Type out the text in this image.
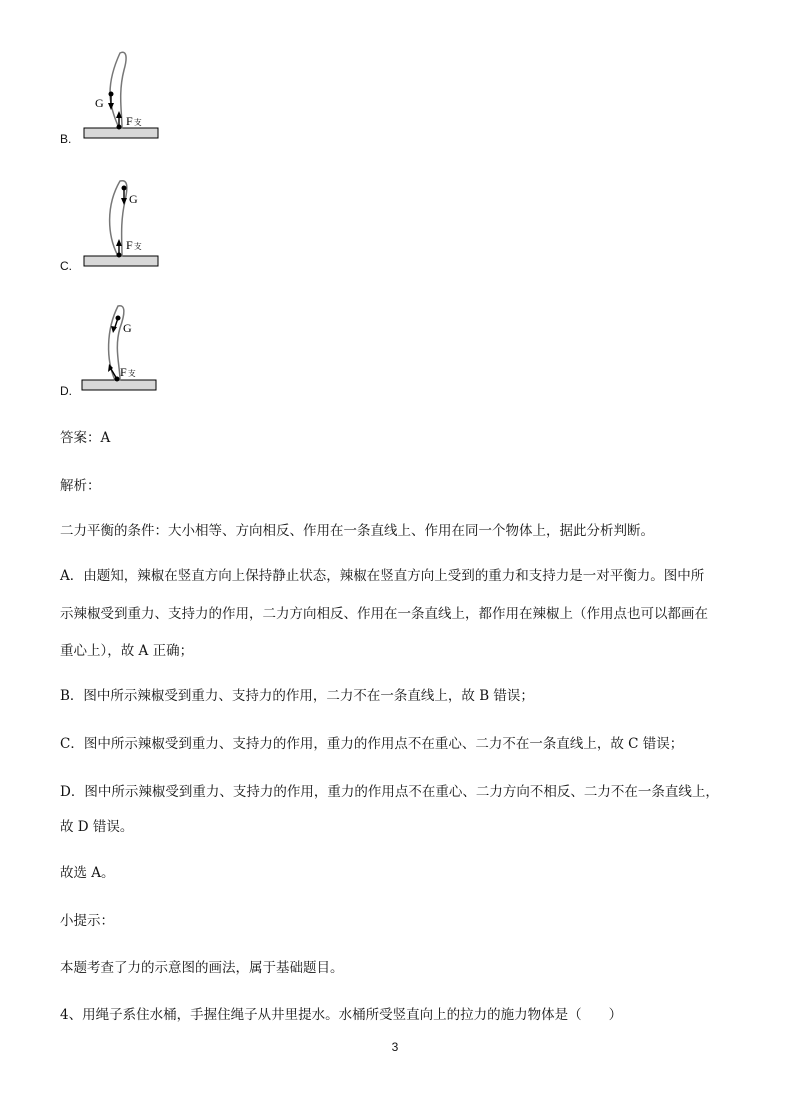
B.
G
F支
C.
G
F支
D.
G
F支
答案：A
解析：
二力平衡的条件：大小相等、方向相反、作用在一条直线上、作用在同一个物体上，据此分析判断。
A．由题知，辣椒在竖直方向上保持静止状态，辣椒在竖直方向上受到的重力和支持力是一对平衡力。图中所
示辣椒受到重力、支持力的作用，二力方向相反、作用在一条直线上，都作用在辣椒上（作用点也可以都画在
重心上），故 A 正确；
B．图中所示辣椒受到重力、支持力的作用，二力不在一条直线上，故 B 错误；
C．图中所示辣椒受到重力、支持力的作用，重力的作用点不在重心、二力不在一条直线上，故 C 错误；
D．图中所示辣椒受到重力、支持力的作用，重力的作用点不在重心、二力方向不相反、二力不在一条直线上，
故 D 错误。
故选 A。
小提示：
本题考查了力的示意图的画法，属于基础题目。
4、用绳子系住水桶，手握住绳子从井里提水。水桶所受竖直向上的拉力的施力物体是（　　）
3
